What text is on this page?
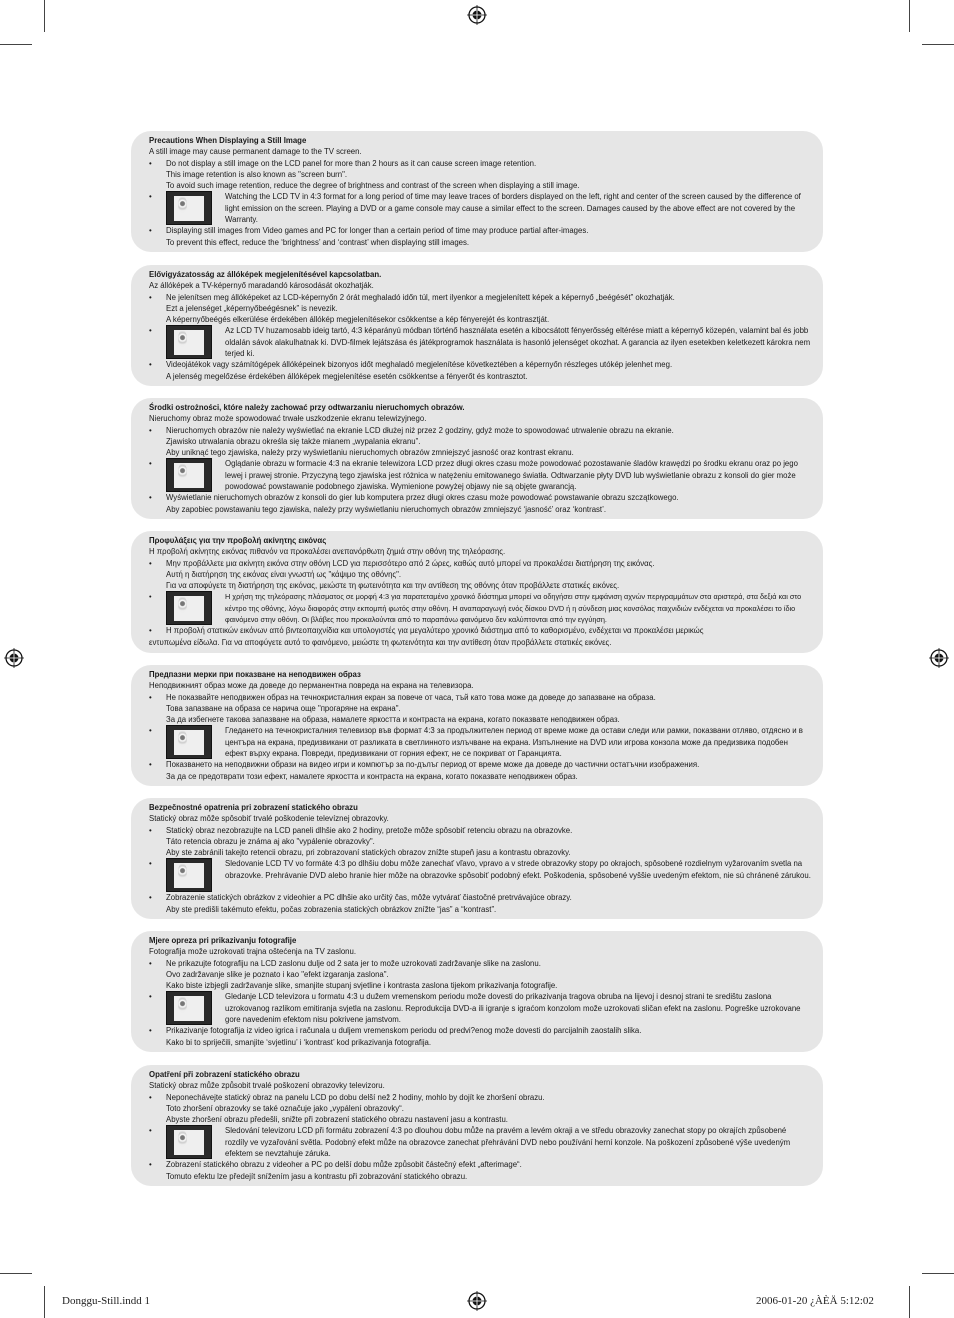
Precautions When Displaying a Still Image
A still image may cause permanent damage to the TV screen.
• Do not display a still image on the LCD panel for more than 2 hours as it can cause screen image retention.
This image retention is also known as "screen burn".
To avoid such image retention, reduce the degree of brightness and contrast of the screen when displaying a still image.
•	Watching the LCD TV in 4:3 format for a long period of time may leave traces of borders displayed on the left, right and center of the screen caused by the difference of light emission on the screen. Playing a DVD or a game console may cause a similar effect to the screen. Damages caused by the above effect are not covered by the Warranty.
• Displaying still images from Video games and PC for longer than a certain period of time may produce partial after-images.
To prevent this effect, reduce the ‘brightness’ and ‘contrast’ when displaying still images.
Elővigyázatosság az állóképek megjelenítésével kapcsolatban.
Az állóképek a TV-képernyő maradandó károsodását okozhatják.
• Ne jelenítsen meg állóképeket az LCD-képernyőn 2 órát meghaladó időn túl, mert ilyenkor a megjelenített képek a képernyő „beégését” okozhatják.
Ezt a jelenséget „képernyőbeégésnek” is nevezik.
A képernyőbeégés elkerülése érdekében állókép megjelenítésekor csökkentse a kép fényerejét és kontrasztját.
•	Az LCD TV huzamosabb ideig tartó, 4:3 képarányú módban történő használata esetén a kibocsátott fényerősség eltérése miatt a képernyő közepén, valamint bal és jobb oldalán sávok alakulhatnak ki. DVD-filmek lejátszása és játékprogramok használata is hasonló jelenséget okozhat. A garancia az ilyen esetekben keletkezett károkra nem terjed ki.
• Videojátékok vagy számítógépek állóképeinek bizonyos időt meghaladó megjelenítése következtében a képernyőn részleges utókép jelenhet meg.
A jelenség megelőzése érdekében állóképek megjelenítése esetén csökkentse a fényerőt és kontrasztot.
Środki ostrożności, które należy zachować przy odtwarzaniu nieruchomych obrazów.
Nieruchomy obraz może spowodować trwałe uszkodzenie ekranu telewizyjnego.
• Nieruchomych obrazów nie należy wyświetlać na ekranie LCD dłużej niż przez 2 godziny, gdyż może to spowodować utrwalenie obrazu na ekranie.
Zjawisko utrwalania obrazu określa się także mianem „wypalania ekranu”.
Aby uniknąć tego zjawiska, należy przy wyświetlaniu nieruchomych obrazów zmniejszyć jasność oraz kontrast ekranu.
•	Oglądanie obrazu w formacie 4:3 na ekranie telewizora LCD przez długi okres czasu może powodować pozostawanie śladów krawędzi po środku ekranu oraz po jego lewej i prawej stronie. Przyczyną tego zjawiska jest różnica w natężeniu emitowanego światła. Odtwarzanie płyty DVD lub wyświetlanie obrazu z konsoli do gier może powodować powstawanie podobnego zjawiska. Wymienione powyżej objawy nie są objęte gwarancją.
• Wyświetlanie nieruchomych obrazów z konsoli do gier lub komputera przez długi okres czasu może powodować powstawanie obrazu szczątkowego.
Aby zapobiec powstawaniu tego zjawiska, należy przy wyświetlaniu nieruchomych obrazów zmniejszyć ‘jasność’ oraz ‘kontrast’.
Προφυλάξεις για την προβολή ακίνητης εικόνας
Η προβολή ακίνητης εικόνας πιθανόν να προκαλέσει ανεπανόρθωτη ζημιά στην οθόνη της τηλεόρασης.
• Μην προβάλλετε μια ακίνητη εικόνα στην οθόνη LCD για περισσότερο από 2 ώρες, καθώς αυτό μπορεί να προκαλέσει διατήρηση της εικόνας.
Αυτή η διατήρηση της εικόνας είναι γνωστή ως "κάψιμο της οθόνης".
Για να αποφύγετε τη διατήρηση της εικόνας, μειώστε τη φωτεινότητα και την αντίθεση της οθόνης όταν προβάλλετε στατικές εικόνες.
•	Η χρήση της τηλεόρασης πλάσματος σε μορφή 4:3 για παρατεταμένο χρονικό διάστημα μπορεί να οδηγήσει στην εμφάνιση αχνών περιγραμμάτων στα αριστερά, στα δεξιά και στο κέντρο της οθόνης, λόγω διαφοράς στην εκπομπή φωτός στην οθόνη. Η αναπαραγωγή ενός δίσκου DVD ή η σύνδεση μιας κονσόλας παιχνιδιών ενδέχεται να προκαλέσει το ίδιο φαινόμενο στην οθόνη. Οι βλάβες που προκαλούνται από το παραπάνω φαινόμενο δεν καλύπτονται από την εγγύηση.
• Η προβολή στατικών εικόνων από βιντεοπαιχνίδια και υπολογιστές για μεγαλύτερο χρονικό διάστημα από το καθορισμένο, ενδέχεται να προκαλέσει μερικώς
εντυπωμένα είδωλα. Για να αποφύγετε αυτό το φαινόμενο, μειώστε τη φωτεινότητα και την αντίθεση όταν προβάλλετε στατικές εικόνες.
Предпазни мерки при показване на неподвижен образ
Неподвижният образ може да доведе до перманентна повреда на екрана на телевизора.
• Не показвайте неподвижен образ на течнокристалния екран за повече от часа, тъй като това може да доведе до запазване на образа.
Това запазване на образа се нарича още "прогаряне на екрана".
За да избегнете такова запазване на образа, намалете яркостта и контраста на екрана, когато показвате неподвижен образ.
•	Гледането на течнокристалния телевизор във формат 4:3 за продължителен период от време може да остави следи или рамки, показвани отляво, отдясно и в центъра на екрана, предизвикани от разликата в светлинното излъчване на екрана. Изпълнение на DVD или игрова конзола може да предизвика подобен ефект върху екрана. Повреди, предизвикани от горния ефект, не се покриват от Гаранцията.
• Показването на неподвижни образи на видео игри и компютър за по-дълъг период от време може да доведе до частични остатъчни изображения.
За да се предотврати този ефект, намалете яркостта и контраста на екрана, когато показвате неподвижен образ.
Bezpečnostné opatrenia pri zobrazení statického obrazu
Statický obraz môže spôsobiť trvalé poškodenie televíznej obrazovky.
• Statický obraz nezobrazujte na LCD paneli dlhšie ako 2 hodiny, pretože môže spôsobiť retenciu obrazu na obrazovke.
Táto retencia obrazu je známa aj ako "vypálenie obrazovky".
Aby ste zabránili takejto retencii obrazu, pri zobrazovaní statických obrazov znížte stupeň jasu a kontrastu obrazovky.
•	Sledovanie LCD TV vo formáte 4:3 po dlhšiu dobu môže zanechať vľavo, vpravo a v strede obrazovky stopy po okrajoch, spôsobené rozdielnym vyžarovaním svetla na obrazovke. Prehrávanie DVD alebo hranie hier môže na obrazovke spôsobiť podobný efekt. Poškodenia, spôsobené vyššie uvedeným efektom, nie sú chránené zárukou.
• Zobrazenie statických obrázkov z videohier a PC dlhšie ako určitý čas, môže vytvárať čiastočné pretrvávajúce obrazy.
Aby ste predišli takémuto efektu, počas zobrazenia statických obrázkov znížte “jas” a “kontrast”.
Mjere opreza pri prikazivanju fotografije
Fotografija može uzrokovati trajna oštećenja na TV zaslonu.
• Ne prikazujte fotografiju na LCD zaslonu dulje od 2 sata jer to može uzrokovati zadržavanje slike na zaslonu.
Ovo zadržavanje slike je poznato i kao "efekt izgaranja zaslona".
Kako biste izbjegli zadržavanje slike, smanjite stupanj svjetline i kontrasta zaslona tijekom prikazivanja fotografije.
•	Gledanje LCD televizora u formatu 4:3 u dužem vremenskom periodu može dovesti do prikazivanja tragova obruba na lijevoj i desnoj strani te središtu zaslona uzrokovanog razlikom emitiranja svjetla na zaslonu. Reprodukcija DVD-a ili igranje s igraćom konzolom može uzrokovati sličan efekt na zaslonu. Pogreške uzrokovane gore navedenim efektom nisu pokrivene jamstvom.
• Prikazivanje fotografija iz video igrica i računala u duljem vremenskom periodu od predvi?enog može dovesti do parcijalnih zaostalih slika.
Kako bi to spriječili, smanjite ‘svjetlinu’ i ‘kontrast’ kod prikazivanja fotografija.
Opatření při zobrazení statického obrazu
Statický obraz může způsobit trvalé poškození obrazovky televizoru.
• Neponechávejte statický obraz na panelu LCD po dobu delší než 2 hodiny, mohlo by dojít ke zhoršení obrazu.
Toto zhoršení obrazovky se také označuje jako „vypálení obrazovky“.
Abyste zhoršení obrazu předešli, snižte při zobrazení statického obrazu nastavení jasu a kontrastu.
•	Sledování televizoru LCD při formátu zobrazení 4:3 po dlouhou dobu může na pravém a levém okraji a ve středu obrazovky zanechat stopy po okrajích způsobené rozdíly ve vyzařování světla. Podobný efekt může na obrazovce zanechat přehrávání DVD nebo používání herní konzole. Na poškození způsobené výše uvedeným efektem se nevztahuje záruka.
• Zobrazení statického obrazu z videoher a PC po delší dobu může způsobit částečný efekt „afterimage“.
Tomuto efektu lze předejít snížením jasu a kontrastu při zobrazování statického obrazu.
Donggu-Still.indd 1	2006-01-20 ¿ÀÈÄ 5:12:02
